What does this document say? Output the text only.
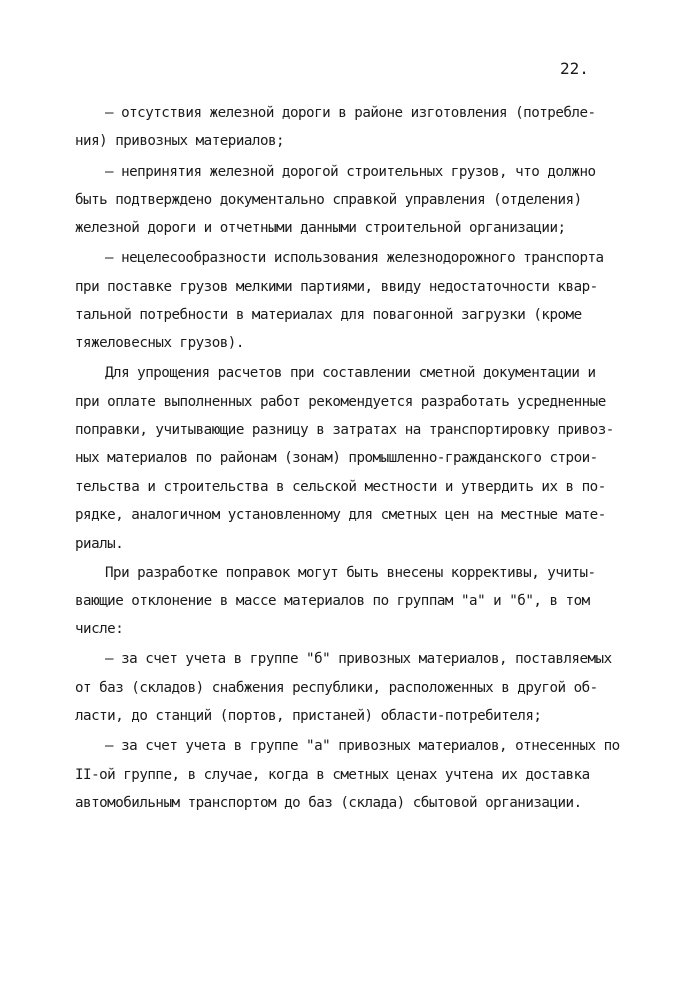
22.
– отсутствия железной дороги в районе изготовления (потребле-
ния) привозных материалов;
– непринятия железной дорогой строительных грузов, что должно
быть подтверждено документально справкой управления (отделения)
железной дороги и отчетными данными строительной организации;
– нецелесообразности использования железнодорожного транспорта
при поставке грузов мелкими партиями, ввиду недостаточности квар-
тальной потребности в материалах для повагонной загрузки (кроме
тяжеловесных грузов).
Для упрощения расчетов при составлении сметной документации и
при оплате выполненных работ рекомендуется разработать усредненные
поправки, учитывающие разницу в затратах на транспортировку привоз-
ных материалов по районам (зонам) промышленно-гражданского строи-
тельства и строительства в сельской местности и утвердить их в по-
рядке, аналогичном установленному для сметных цен на местные мате-
риалы.
При разработке поправок могут быть внесены коррективы, учиты-
вающие отклонение в массе материалов по группам "а" и "б", в том
числе:
– за счет учета в группе "б" привозных материалов, поставляемых
от баз (складов) снабжения республики, расположенных в другой об-
ласти, до станций (портов, пристаней) области-потребителя;
– за счет учета в группе "а" привозных материалов, отнесенных по
II-ой группе, в случае, когда в сметных ценах учтена их доставка
автомобильным транспортом до баз (склада) сбытовой организации.
